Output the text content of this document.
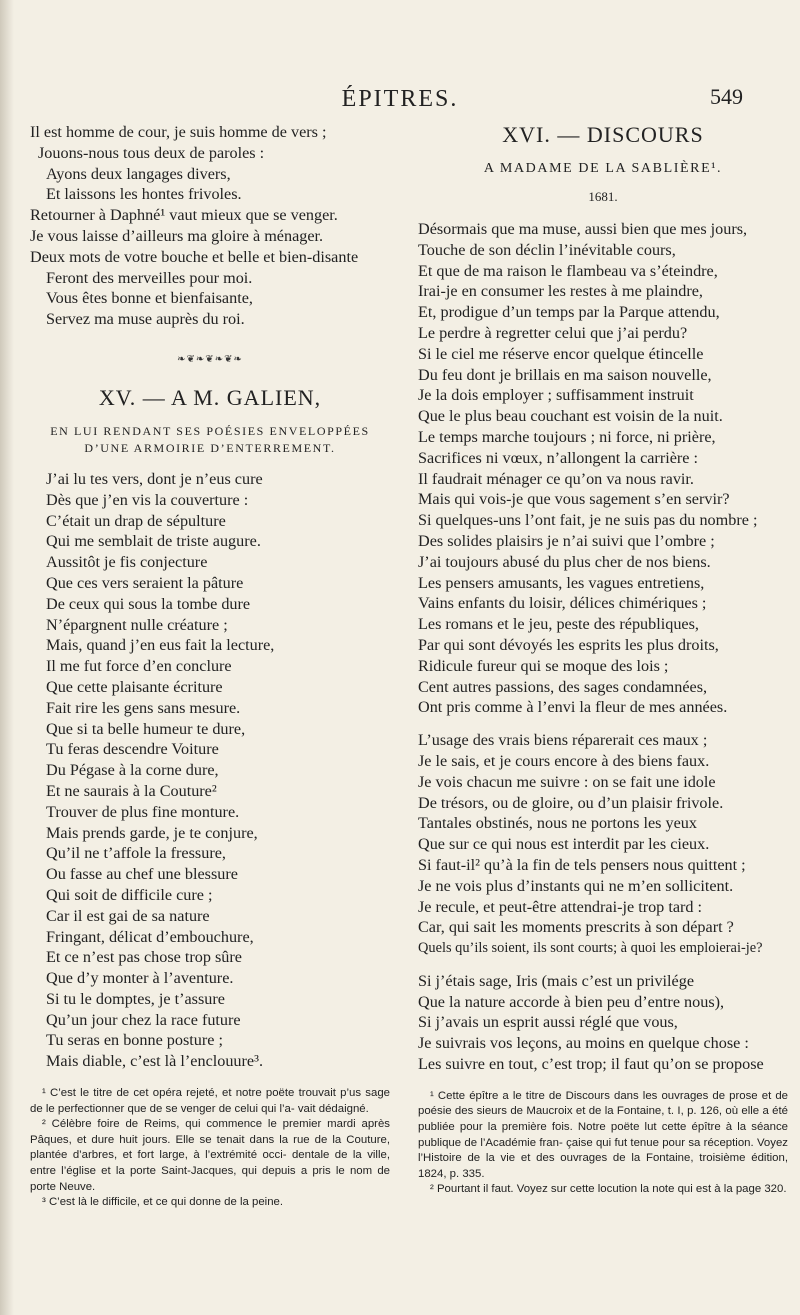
ÉPITRES.	549
Il est homme de cour, je suis homme de vers ;
Jouons-nous tous deux de paroles :
Ayons deux langages divers,
Et laissons les hontes frivoles.
Retourner à Daphné¹ vaut mieux que se venger.
Je vous laisse d’ailleurs ma gloire à ménager.
Deux mots de votre bouche et belle et bien-disante
Feront des merveilles pour moi.
Vous êtes bonne et bienfaisante,
Servez ma muse auprès du roi.
❧❦❧❦❧❦❧
XV. — A M. GALIEN,
EN LUI RENDANT SES POÉSIES ENVELOPPÉES
D’UNE ARMOIRIE D’ENTERREMENT.
J’ai lu tes vers, dont je n’eus cure
Dès que j’en vis la couverture :
C’était un drap de sépulture
Qui me semblait de triste augure.
Aussitôt je fis conjecture
Que ces vers seraient la pâture
De ceux qui sous la tombe dure
N’épargnent nulle créature ;
Mais, quand j’en eus fait la lecture,
Il me fut force d’en conclure
Que cette plaisante écriture
Fait rire les gens sans mesure.
Que si ta belle humeur te dure,
Tu feras descendre Voiture
Du Pégase à la corne dure,
Et ne saurais à la Couture²
Trouver de plus fine monture.
Mais prends garde, je te conjure,
Qu’il ne t’affole la fressure,
Ou fasse au chef une blessure
Qui soit de difficile cure ;
Car il est gai de sa nature
Fringant, délicat d’embouchure,
Et ce n’est pas chose trop sûre
Que d’y monter à l’aventure.
Si tu le domptes, je t’assure
Qu’un jour chez la race future
Tu seras en bonne posture ;
Mais diable, c’est là l’enclouure³.

¹ C’est le titre de cet opéra rejeté, et notre poëte trouvait p’us sage de le perfectionner que de se venger de celui qui l’a- vait dédaigné.

² Célèbre foire de Reims, qui commence le premier mardi après Pâques, et dure huit jours. Elle se tenait dans la rue de la Couture, plantée d’arbres, et fort large, à l’extrémité occi- dentale de la ville, entre l’église et la porte Saint-Jacques, qui depuis a pris le nom de porte Neuve.

³ C’est là le difficile, et ce qui donne de la peine.

XVI. — DISCOURS
A MADAME DE LA SABLIÈRE¹.
1681.
Désormais que ma muse, aussi bien que mes jours,
Touche de son déclin l’inévitable cours,
Et que de ma raison le flambeau va s’éteindre,
Irai-je en consumer les restes à me plaindre,
Et, prodigue d’un temps par la Parque attendu,
Le perdre à regretter celui que j’ai perdu?
Si le ciel me réserve encor quelque étincelle
Du feu dont je brillais en ma saison nouvelle,
Je la dois employer ; suffisamment instruit
Que le plus beau couchant est voisin de la nuit.
Le temps marche toujours ; ni force, ni prière,
Sacrifices ni vœux, n’allongent la carrière :
Il faudrait ménager ce qu’on va nous ravir.
Mais qui vois-je que vous sagement s’en servir?
Si quelques-uns l’ont fait, je ne suis pas du nombre ;
Des solides plaisirs je n’ai suivi que l’ombre ;
J’ai toujours abusé du plus cher de nos biens.
Les pensers amusants, les vagues entretiens,
Vains enfants du loisir, délices chimériques ;
Les romans et le jeu, peste des républiques,
Par qui sont dévoyés les esprits les plus droits,
Ridicule fureur qui se moque des lois ;
Cent autres passions, des sages condamnées,
Ont pris comme à l’envi la fleur de mes années.
L’usage des vrais biens réparerait ces maux ;
Je le sais, et je cours encore à des biens faux.
Je vois chacun me suivre : on se fait une idole
De trésors, ou de gloire, ou d’un plaisir frivole.
Tantales obstinés, nous ne portons les yeux
Que sur ce qui nous est interdit par les cieux.
Si faut-il² qu’à la fin de tels pensers nous quittent ;
Je ne vois plus d’instants qui ne m’en sollicitent.
Je recule, et peut-être attendrai-je trop tard :
Car, qui sait les moments prescrits à son départ ?
Quels qu’ils soient, ils sont courts; à quoi les emploierai-je?
Si j’étais sage, Iris (mais c’est un privilége
Que la nature accorde à bien peu d’entre nous),
Si j’avais un esprit aussi réglé que vous,
Je suivrais vos leçons, au moins en quelque chose :
Les suivre en tout, c’est trop; il faut qu’on se propose

¹ Cette épître a le titre de Discours dans les ouvrages de prose et de poésie des sieurs de Maucroix et de la Fontaine, t. I, p. 126, où elle a été publiée pour la première fois. Notre poëte lut cette épître à la séance publique de l’Académie fran- çaise qui fut tenue pour sa réception. Voyez l’Histoire de la vie et des ouvrages de la Fontaine, troisième édition, 1824, p. 335.

² Pourtant il faut. Voyez sur cette locution la note qui est à la page 320.
